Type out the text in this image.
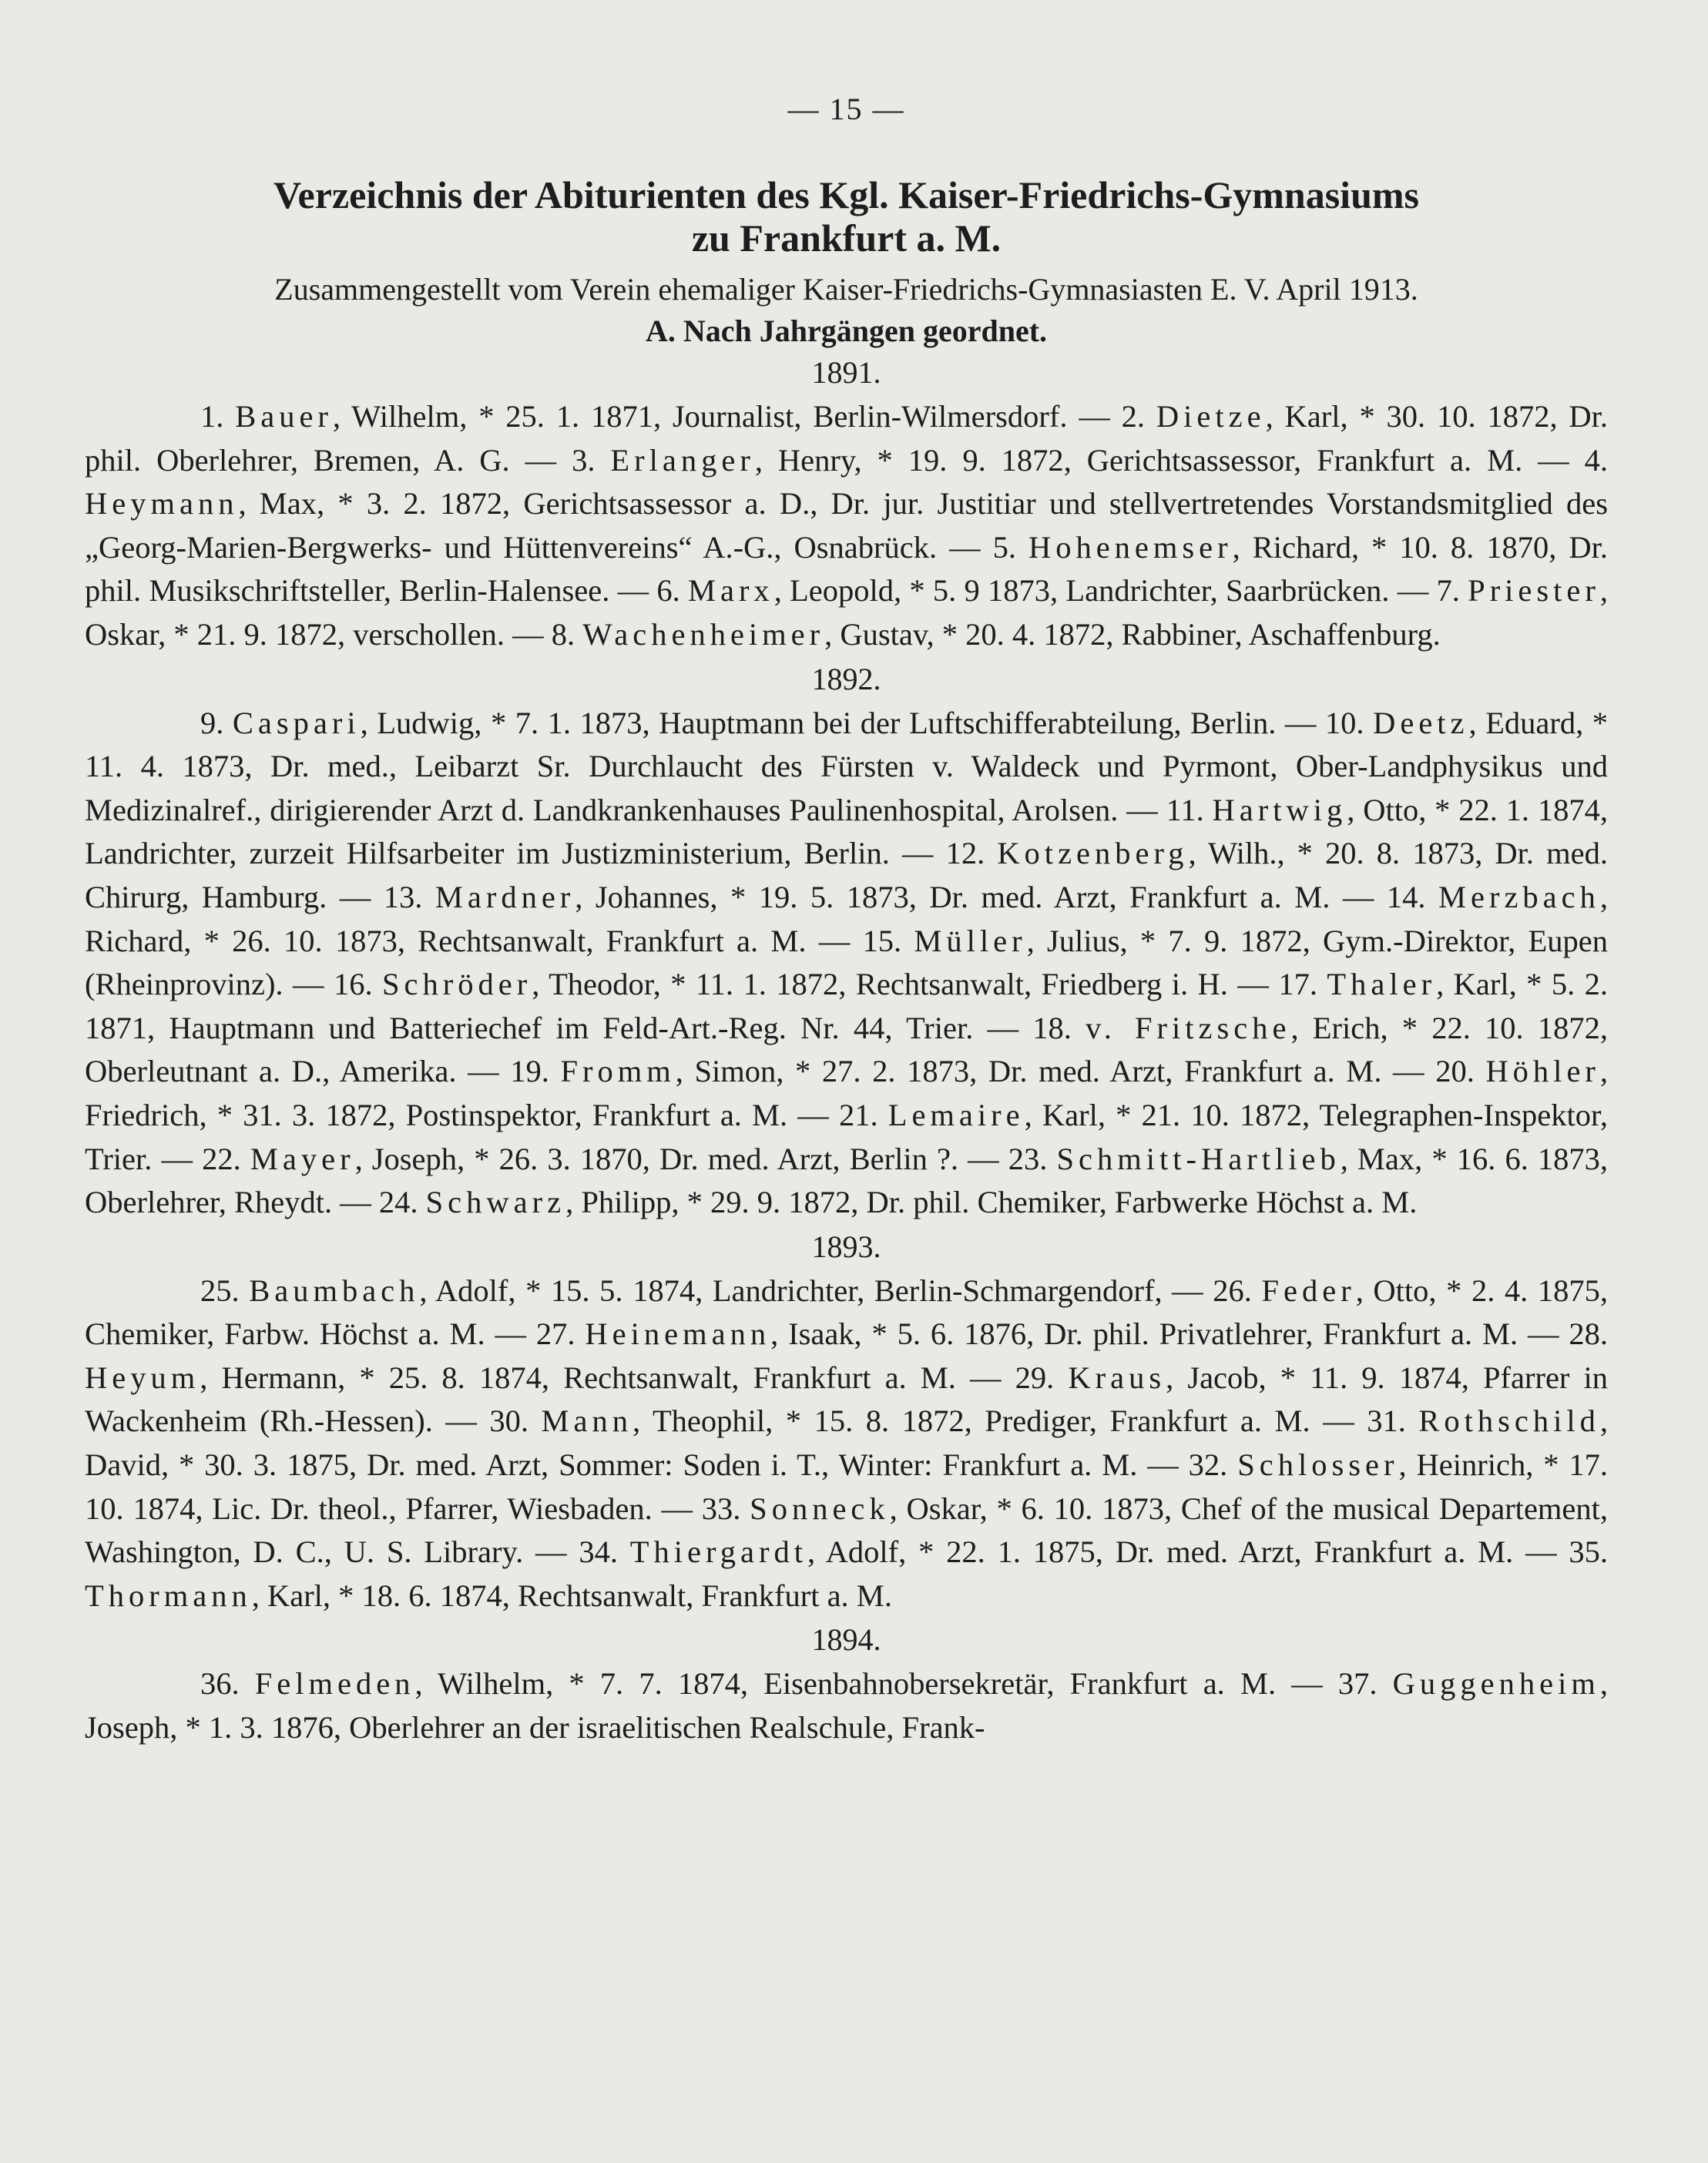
— 15 —
Verzeichnis der Abiturienten des Kgl. Kaiser-Friedrichs-Gymnasiums
zu Frankfurt a. M.
Zusammengestellt vom Verein ehemaliger Kaiser-Friedrichs-Gymnasiasten E. V. April 1913.
A. Nach Jahrgängen geordnet.
1891.

1. Bauer, Wilhelm, * 25. 1. 1871, Journalist, Berlin-Wilmersdorf. — 2. Dietze, Karl, * 30. 10. 1872, Dr. phil. Oberlehrer, Bremen, A. G. — 3. Erlanger, Henry, * 19. 9. 1872, Gerichtsassessor, Frankfurt a. M. — 4. Heymann, Max, * 3. 2. 1872, Gerichtsassessor a. D., Dr. jur. Justitiar und stellvertretendes Vorstandsmitglied des „Georg-Marien-Bergwerks- und Hüttenvereins“ A.-G., Osnabrück. — 5. Hohenemser, Richard, * 10. 8. 1870, Dr. phil. Musikschriftsteller, Berlin-Halensee. — 6. Marx, Leopold, * 5. 9 1873, Landrichter, Saarbrücken. — 7. Priester, Oskar, * 21. 9. 1872, verschollen. — 8. Wachenheimer, Gustav, * 20. 4. 1872, Rabbiner, Aschaffenburg.

1892.

9. Caspari, Ludwig, * 7. 1. 1873, Hauptmann bei der Luftschifferabteilung, Berlin. — 10. Deetz, Eduard, * 11. 4. 1873, Dr. med., Leibarzt Sr. Durchlaucht des Fürsten v. Waldeck und Pyrmont, Ober-Landphysikus und Medizinalref., dirigierender Arzt d. Landkrankenhauses Paulinenhospital, Arolsen. — 11. Hartwig, Otto, * 22. 1. 1874, Landrichter, zurzeit Hilfsarbeiter im Justizministerium, Berlin. — 12. Kotzenberg, Wilh., * 20. 8. 1873, Dr. med. Chirurg, Hamburg. — 13. Mardner, Johannes, * 19. 5. 1873, Dr. med. Arzt, Frankfurt a. M. — 14. Merzbach, Richard, * 26. 10. 1873, Rechtsanwalt, Frankfurt a. M. — 15. Müller, Julius, * 7. 9. 1872, Gym.-Direktor, Eupen (Rheinprovinz). — 16. Schröder, Theodor, * 11. 1. 1872, Rechtsanwalt, Friedberg i. H. — 17. Thaler, Karl, * 5. 2. 1871, Hauptmann und Batteriechef im Feld-Art.-Reg. Nr. 44, Trier. — 18. v. Fritzsche, Erich, * 22. 10. 1872, Oberleutnant a. D., Amerika. — 19. Fromm, Simon, * 27. 2. 1873, Dr. med. Arzt, Frankfurt a. M. — 20. Höhler, Friedrich, * 31. 3. 1872, Postinspektor, Frankfurt a. M. — 21. Lemaire, Karl, * 21. 10. 1872, Telegraphen-Inspektor, Trier. — 22. Mayer, Joseph, * 26. 3. 1870, Dr. med. Arzt, Berlin ?. — 23. Schmitt-Hartlieb, Max, * 16. 6. 1873, Oberlehrer, Rheydt. — 24. Schwarz, Philipp, * 29. 9. 1872, Dr. phil. Chemiker, Farbwerke Höchst a. M.

1893.

25. Baumbach, Adolf, * 15. 5. 1874, Landrichter, Berlin-Schmargendorf, — 26. Feder, Otto, * 2. 4. 1875, Chemiker, Farbw. Höchst a. M. — 27. Heinemann, Isaak, * 5. 6. 1876, Dr. phil. Privatlehrer, Frankfurt a. M. — 28. Heyum, Hermann, * 25. 8. 1874, Rechtsanwalt, Frankfurt a. M. — 29. Kraus, Jacob, * 11. 9. 1874, Pfarrer in Wackenheim (Rh.-Hessen). — 30. Mann, Theophil, * 15. 8. 1872, Prediger, Frankfurt a. M. — 31. Rothschild, David, * 30. 3. 1875, Dr. med. Arzt, Sommer: Soden i. T., Winter: Frankfurt a. M. — 32. Schlosser, Heinrich, * 17. 10. 1874, Lic. Dr. theol., Pfarrer, Wiesbaden. — 33. Sonneck, Oskar, * 6. 10. 1873, Chef of the musical Departement, Washington, D. C., U. S. Library. — 34. Thiergardt, Adolf, * 22. 1. 1875, Dr. med. Arzt, Frankfurt a. M. — 35. Thormann, Karl, * 18. 6. 1874, Rechtsanwalt, Frankfurt a. M.

1894.

36. Felmeden, Wilhelm, * 7. 7. 1874, Eisenbahnobersekretär, Frankfurt a. M. — 37. Guggenheim, Joseph, * 1. 3. 1876, Oberlehrer an der israelitischen Realschule, Frank-
